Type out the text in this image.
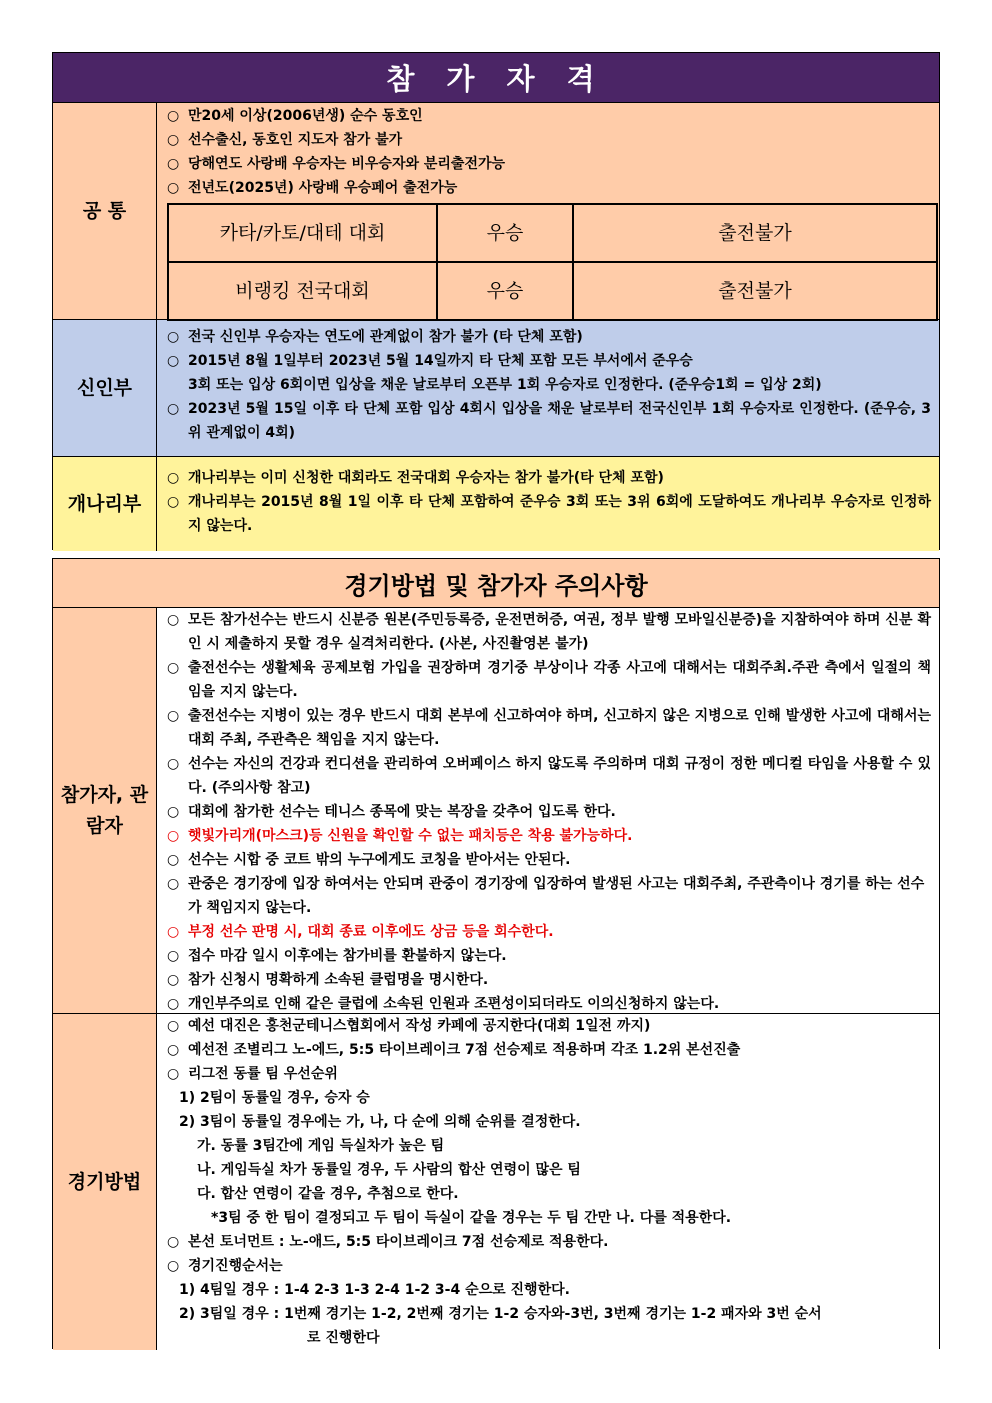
참 가 자 격
공 통
○ 만20세 이상(2006년생) 순수 동호인
○ 선수출신, 동호인 지도자 참가 불가
○ 당해연도 사랑배 우승자는 비우승자와 분리출전가능
○ 전년도(2025년) 사랑배 우승페어 출전가능
카타/카토/대테 대회	우승	출전불가
비랭킹 전국대회	우승	출전불가
신인부
○ 전국 신인부 우승자는 연도에 관계없이 참가 불가 (타 단체 포함)
○ 2015년 8월 1일부터 2023년 5월 14일까지 타 단체 포함 모든 부서에서 준우승
3회 또는 입상 6회이면 입상을 채운 날로부터 오픈부 1회 우승자로 인정한다. (준우승1회 = 입상 2회)
○ 2023년 5월 15일 이후 타 단체 포함 입상 4회시 입상을 채운 날로부터 전국신인부 1회 우승자로 인정한다. (준우승, 3위 관계없이 4회)
개나리부
○ 개나리부는 이미 신청한 대회라도 전국대회 우승자는 참가 불가(타 단체 포함)
○ 개나리부는 2015년 8월 1일 이후 타 단체 포함하여 준우승 3회 또는 3위 6회에 도달하여도 개나리부 우승자로 인정하지 않는다.
경기방법 및 참가자 주의사항
참가자, 관람자
○ 모든 참가선수는 반드시 신분증 원본(주민등록증, 운전면허증, 여권, 정부 발행 모바일신분증)을 지참하여야 하며 신분 확인 시 제출하지 못할 경우 실격처리한다. (사본, 사진촬영본 불가)
○ 출전선수는 생활체육 공제보험 가입을 권장하며 경기중 부상이나 각종 사고에 대해서는 대회주최.주관 측에서 일절의 책임을 지지 않는다.
○ 출전선수는 지병이 있는 경우 반드시 대회 본부에 신고하여야 하며, 신고하지 않은 지병으로 인해 발생한 사고에 대해서는 대회 주최, 주관측은 책임을 지지 않는다.
○ 선수는 자신의 건강과 컨디션을 관리하여 오버페이스 하지 않도록 주의하며 대회 규정이 정한 메디컬 타임을 사용할 수 있다. (주의사항 참고)
○ 대회에 참가한 선수는 테니스 종목에 맞는 복장을 갖추어 입도록 한다.
○ 햇빛가리개(마스크)등 신원을 확인할 수 없는 패치등은 착용 불가능하다.
○ 선수는 시합 중 코트 밖의 누구에게도 코칭을 받아서는 안된다.
○ 관중은 경기장에 입장 하여서는 안되며 관중이 경기장에 입장하여 발생된 사고는 대회주최, 주관측이나 경기를 하는 선수가 책임지지 않는다.
○ 부정 선수 판명 시, 대회 종료 이후에도 상금 등을 회수한다.
○ 접수 마감 일시 이후에는 참가비를 환불하지 않는다.
○ 참가 신청시 명확하게 소속된 클럽명을 명시한다.
○ 개인부주의로 인해 같은 클럽에 소속된 인원과 조편성이되더라도 이의신청하지 않는다.
경기방법
○ 예선 대진은 홍천군테니스협회에서 작성 카페에 공지한다(대회 1일전 까지)
○ 예선전 조별리그 노-에드, 5:5 타이브레이크 7점 선승제로 적용하며 각조 1.2위 본선진출
○ 리그전 동률 팀 우선순위
1) 2팀이 동률일 경우, 승자 승
2) 3팀이 동률일 경우에는 가, 나, 다 순에 의해 순위를 결정한다.
가. 동률 3팀간에 게임 득실차가 높은 팀
나. 게임득실 차가 동률일 경우, 두 사람의 합산 연령이 많은 팀
다. 합산 연령이 같을 경우, 추첨으로 한다.
*3팀 중 한 팀이 결정되고 두 팀이 득실이 같을 경우는 두 팀 간만 나. 다를 적용한다.
○ 본선 토너먼트 : 노-애드, 5:5 타이브레이크 7점 선승제로 적용한다.
○ 경기진행순서는
1) 4팀일 경우 : 1-4 2-3 1-3 2-4 1-2 3-4 순으로 진행한다.
2) 3팀일 경우 : 1번째 경기는 1-2, 2번째 경기는 1-2 승자와-3번, 3번째 경기는 1-2 패자와 3번 순서
로 진행한다
